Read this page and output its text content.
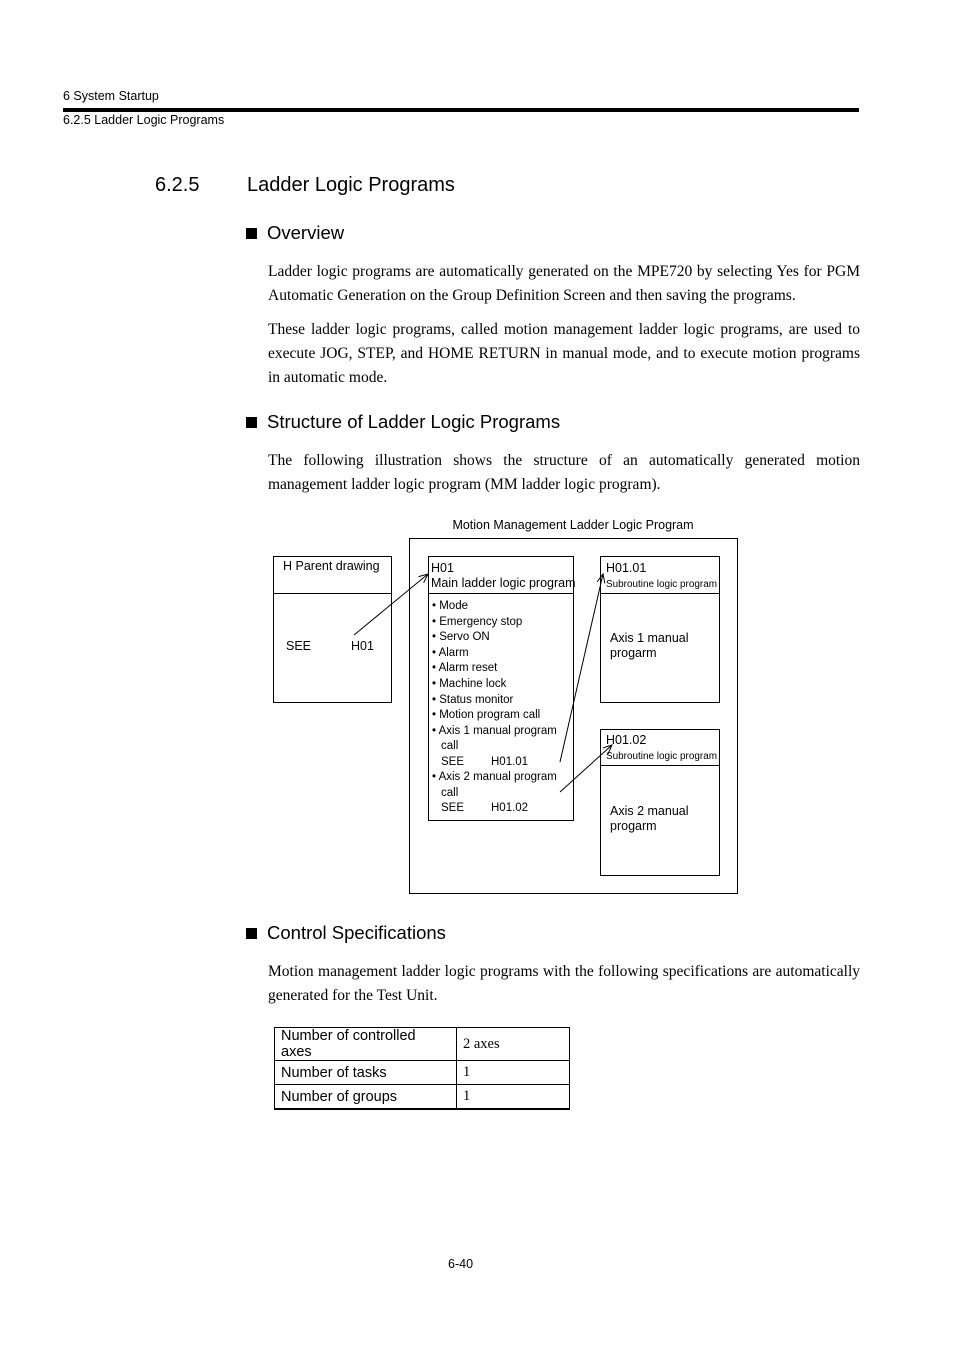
6 System Startup
6.2.5 Ladder Logic Programs
6.2.5 Ladder Logic Programs
Overview
Ladder logic programs are automatically generated on the MPE720 by selecting Yes for PGM Automatic Generation on the Group Definition Screen and then saving the programs.
These ladder logic programs, called motion management ladder logic programs, are used to execute JOG, STEP, and HOME RETURN in manual mode, and to execute motion programs in automatic mode.
Structure of Ladder Logic Programs
The following illustration shows the structure of an automatically generated motion management ladder logic program (MM ladder logic program).
Motion Management Ladder Logic Program
H Parent drawing
SEE	H01
H01
Main ladder logic program
• Mode
• Emergency stop
• Servo ON
• Alarm
• Alarm reset
• Machine lock
• Status monitor
• Motion program call
• Axis 1 manual program
call
SEE H01.01
• Axis 2 manual program
call
SEE H01.02
H01.01
Subroutine logic program
Axis 1 manual
progarm
H01.02
Subroutine logic program
Axis 2 manual
progarm
Control Specifications
Motion management ladder logic programs with the following specifications are automatically generated for the Test Unit.
Number of controlled axes	2 axes
Number of tasks	1
Number of groups	1
6-40
